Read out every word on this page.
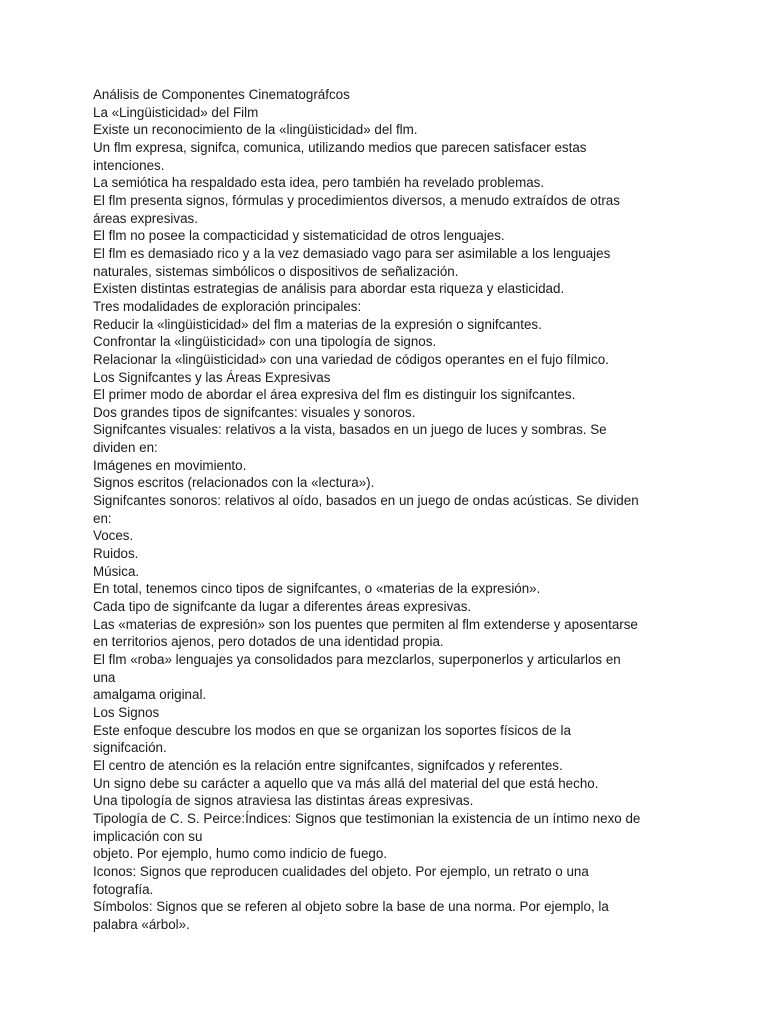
Análisis de Componentes Cinematográfcos
La «Lingüisticidad» del Film
Existe un reconocimiento de la «lingüisticidad» del flm.
Un flm expresa, signifca, comunica, utilizando medios que parecen satisfacer estas
intenciones.
La semiótica ha respaldado esta idea, pero también ha revelado problemas.
El flm presenta signos, fórmulas y procedimientos diversos, a menudo extraídos de otras
áreas expresivas.
El flm no posee la compacticidad y sistematicidad de otros lenguajes.
El flm es demasiado rico y a la vez demasiado vago para ser asimilable a los lenguajes
naturales, sistemas simbólicos o dispositivos de señalización.
Existen distintas estrategias de análisis para abordar esta riqueza y elasticidad.
Tres modalidades de exploración principales:
Reducir la «lingüisticidad» del flm a materias de la expresión o signifcantes.
Confrontar la «lingüisticidad» con una tipología de signos.
Relacionar la «lingüisticidad» con una variedad de códigos operantes en el fujo fílmico.
Los Signifcantes y las Áreas Expresivas
El primer modo de abordar el área expresiva del flm es distinguir los signifcantes.
Dos grandes tipos de signifcantes: visuales y sonoros.
Signifcantes visuales: relativos a la vista, basados en un juego de luces y sombras. Se
dividen en:
Imágenes en movimiento.
Signos escritos (relacionados con la «lectura»).
Signifcantes sonoros: relativos al oído, basados en un juego de ondas acústicas. Se dividen
en:
Voces.
Ruidos.
Música.
En total, tenemos cinco tipos de signifcantes, o «materias de la expresión».
Cada tipo de signifcante da lugar a diferentes áreas expresivas.
Las «materias de expresión» son los puentes que permiten al flm extenderse y aposentarse
en territorios ajenos, pero dotados de una identidad propia.
El flm «roba» lenguajes ya consolidados para mezclarlos, superponerlos y articularlos en
una
amalgama original.
Los Signos
Este enfoque descubre los modos en que se organizan los soportes físicos de la
signifcación.
El centro de atención es la relación entre signifcantes, signifcados y referentes.
Un signo debe su carácter a aquello que va más allá del material del que está hecho.
Una tipología de signos atraviesa las distintas áreas expresivas.
Tipología de C. S. Peirce:Índices: Signos que testimonian la existencia de un íntimo nexo de
implicación con su
objeto. Por ejemplo, humo como indicio de fuego.
Iconos: Signos que reproducen cualidades del objeto. Por ejemplo, un retrato o una
fotografía.
Símbolos: Signos que se referen al objeto sobre la base de una norma. Por ejemplo, la
palabra «árbol».
